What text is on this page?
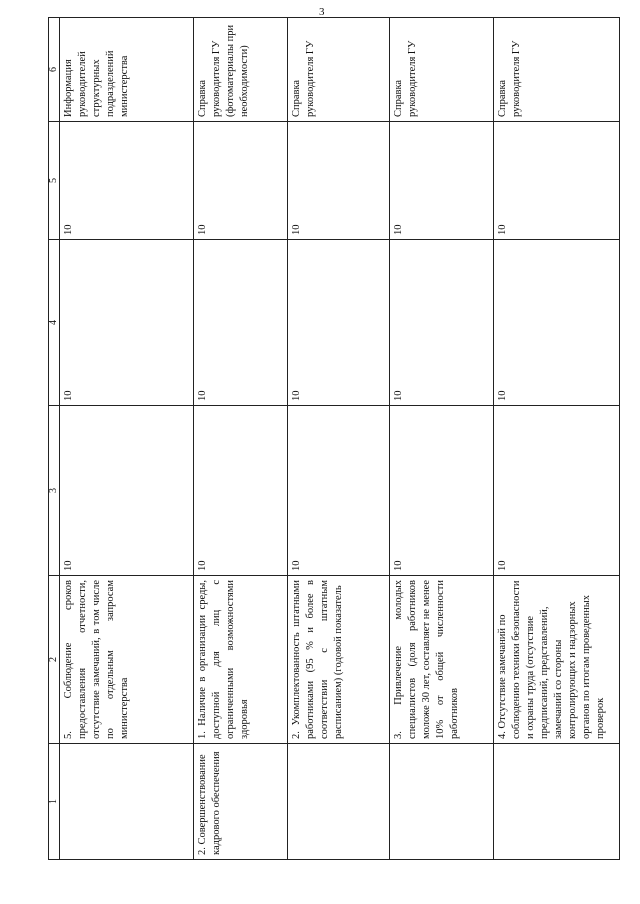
3
1	2	3	4	5	6
	5. Соблюдение сроков предоставления отчетности, отсутствие замечаний, в том числе по отдельным запросам министерства	10	10	10	Информация руководителей структурных подразделений министерства
2. Совершенствование кадрового обеспечения	1. Наличие в организации среды, доступной для лиц с ограниченными возможностями здоровья	10	10	10	Справка руководителя ГУ (фотоматериалы при необходимости)
	2. Укомплектованность штатными работниками (95 % и более в соответствии с штатным расписанием) (годовой показатель	10	10	10	Справка руководителя ГУ
	3. Привлечение молодых специалистов (доля работников моложе 30 лет, составляет не менее 10% от общей численности работников	10	10	10	Справка руководителя ГУ
	4. Отсутствие замечаний по соблюдению техники безопасности и охраны труда (отсутствие предписаний, представлений, замечаний со стороны контролирующих и надзорных органов по итогам проведенных проверок	10	10	10	Справка руководителя ГУ
